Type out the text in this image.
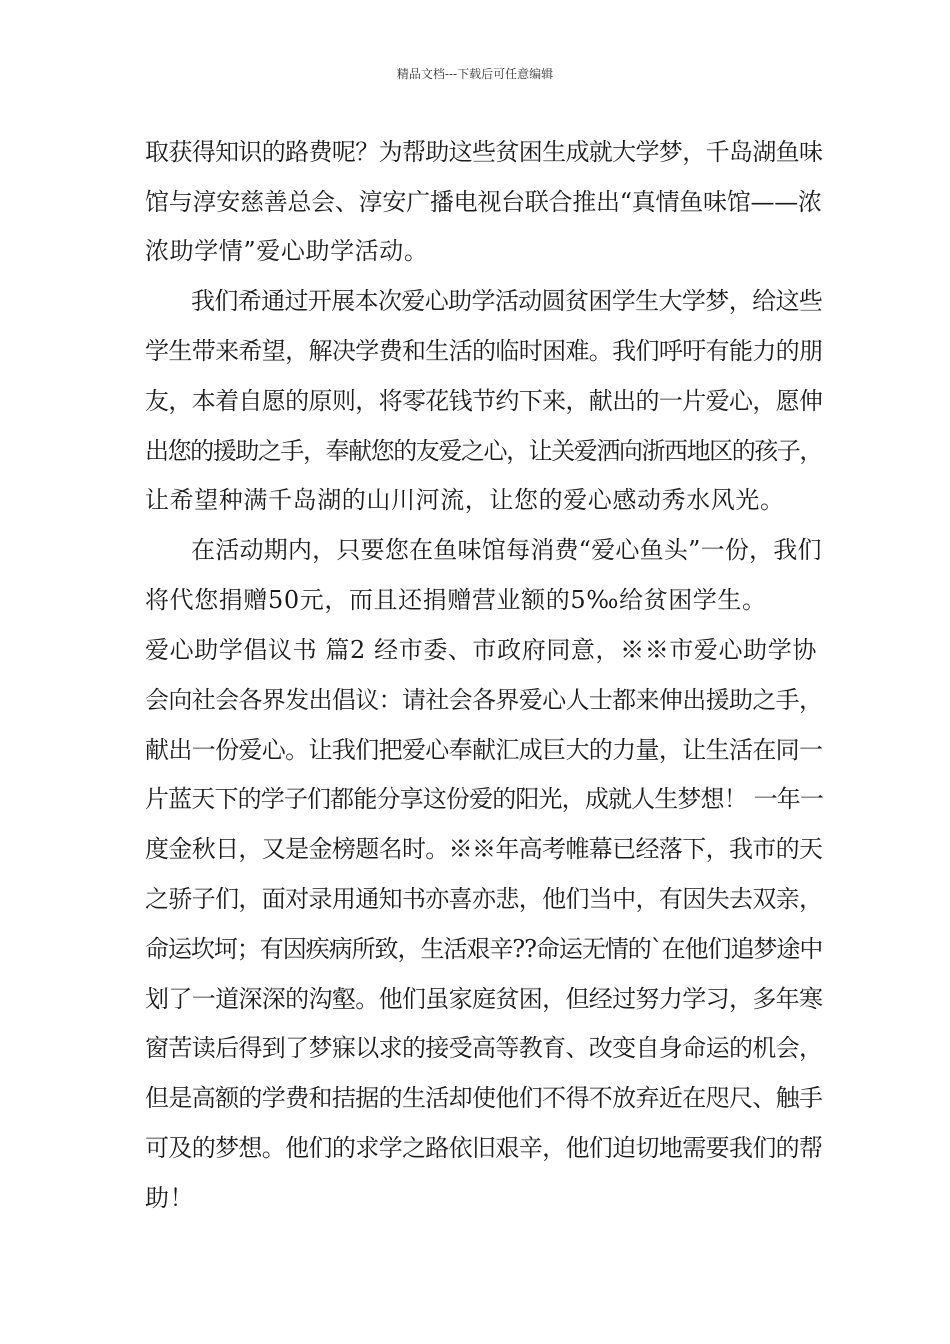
精品文档---下载后可任意编辑
取获得知识的路费呢？为帮助这些贫困生成就大学梦，千岛湖鱼味
馆与淳安慈善总会、淳安广播电视台联合推出“真情鱼味馆——浓
浓助学情”爱心助学活动。
我们希通过开展本次爱心助学活动圆贫困学生大学梦，给这些
学生带来希望，解决学费和生活的临时困难。我们呼吁有能力的朋
友，本着自愿的原则，将零花钱节约下来，献出的一片爱心，愿伸
出您的援助之手，奉献您的友爱之心，让关爱洒向浙西地区的孩子，
让希望种满千岛湖的山川河流，让您的爱心感动秀水风光。
在活动期内，只要您在鱼味馆每消费“爱心鱼头”一份，我们
将代您捐赠50元，而且还捐赠营业额的5‰给贫困学生。
爱心助学倡议书 篇2 经市委、市政府同意，※※市爱心助学协
会向社会各界发出倡议：请社会各界爱心人士都来伸出援助之手，
献出一份爱心。让我们把爱心奉献汇成巨大的力量，让生活在同一
片蓝天下的学子们都能分享这份爱的阳光，成就人生梦想！ 一年一
度金秋日，又是金榜题名时。※※年高考帷幕已经落下，我市的天
之骄子们，面对录用通知书亦喜亦悲，他们当中，有因失去双亲，
命运坎坷；有因疾病所致，生活艰辛??命运无情的`在他们追梦途中
划了一道深深的沟壑。他们虽家庭贫困，但经过努力学习，多年寒
窗苦读后得到了梦寐以求的接受高等教育、改变自身命运的机会，
但是高额的学费和拮据的生活却使他们不得不放弃近在咫尺、触手
可及的梦想。他们的求学之路依旧艰辛，他们迫切地需要我们的帮
助！
